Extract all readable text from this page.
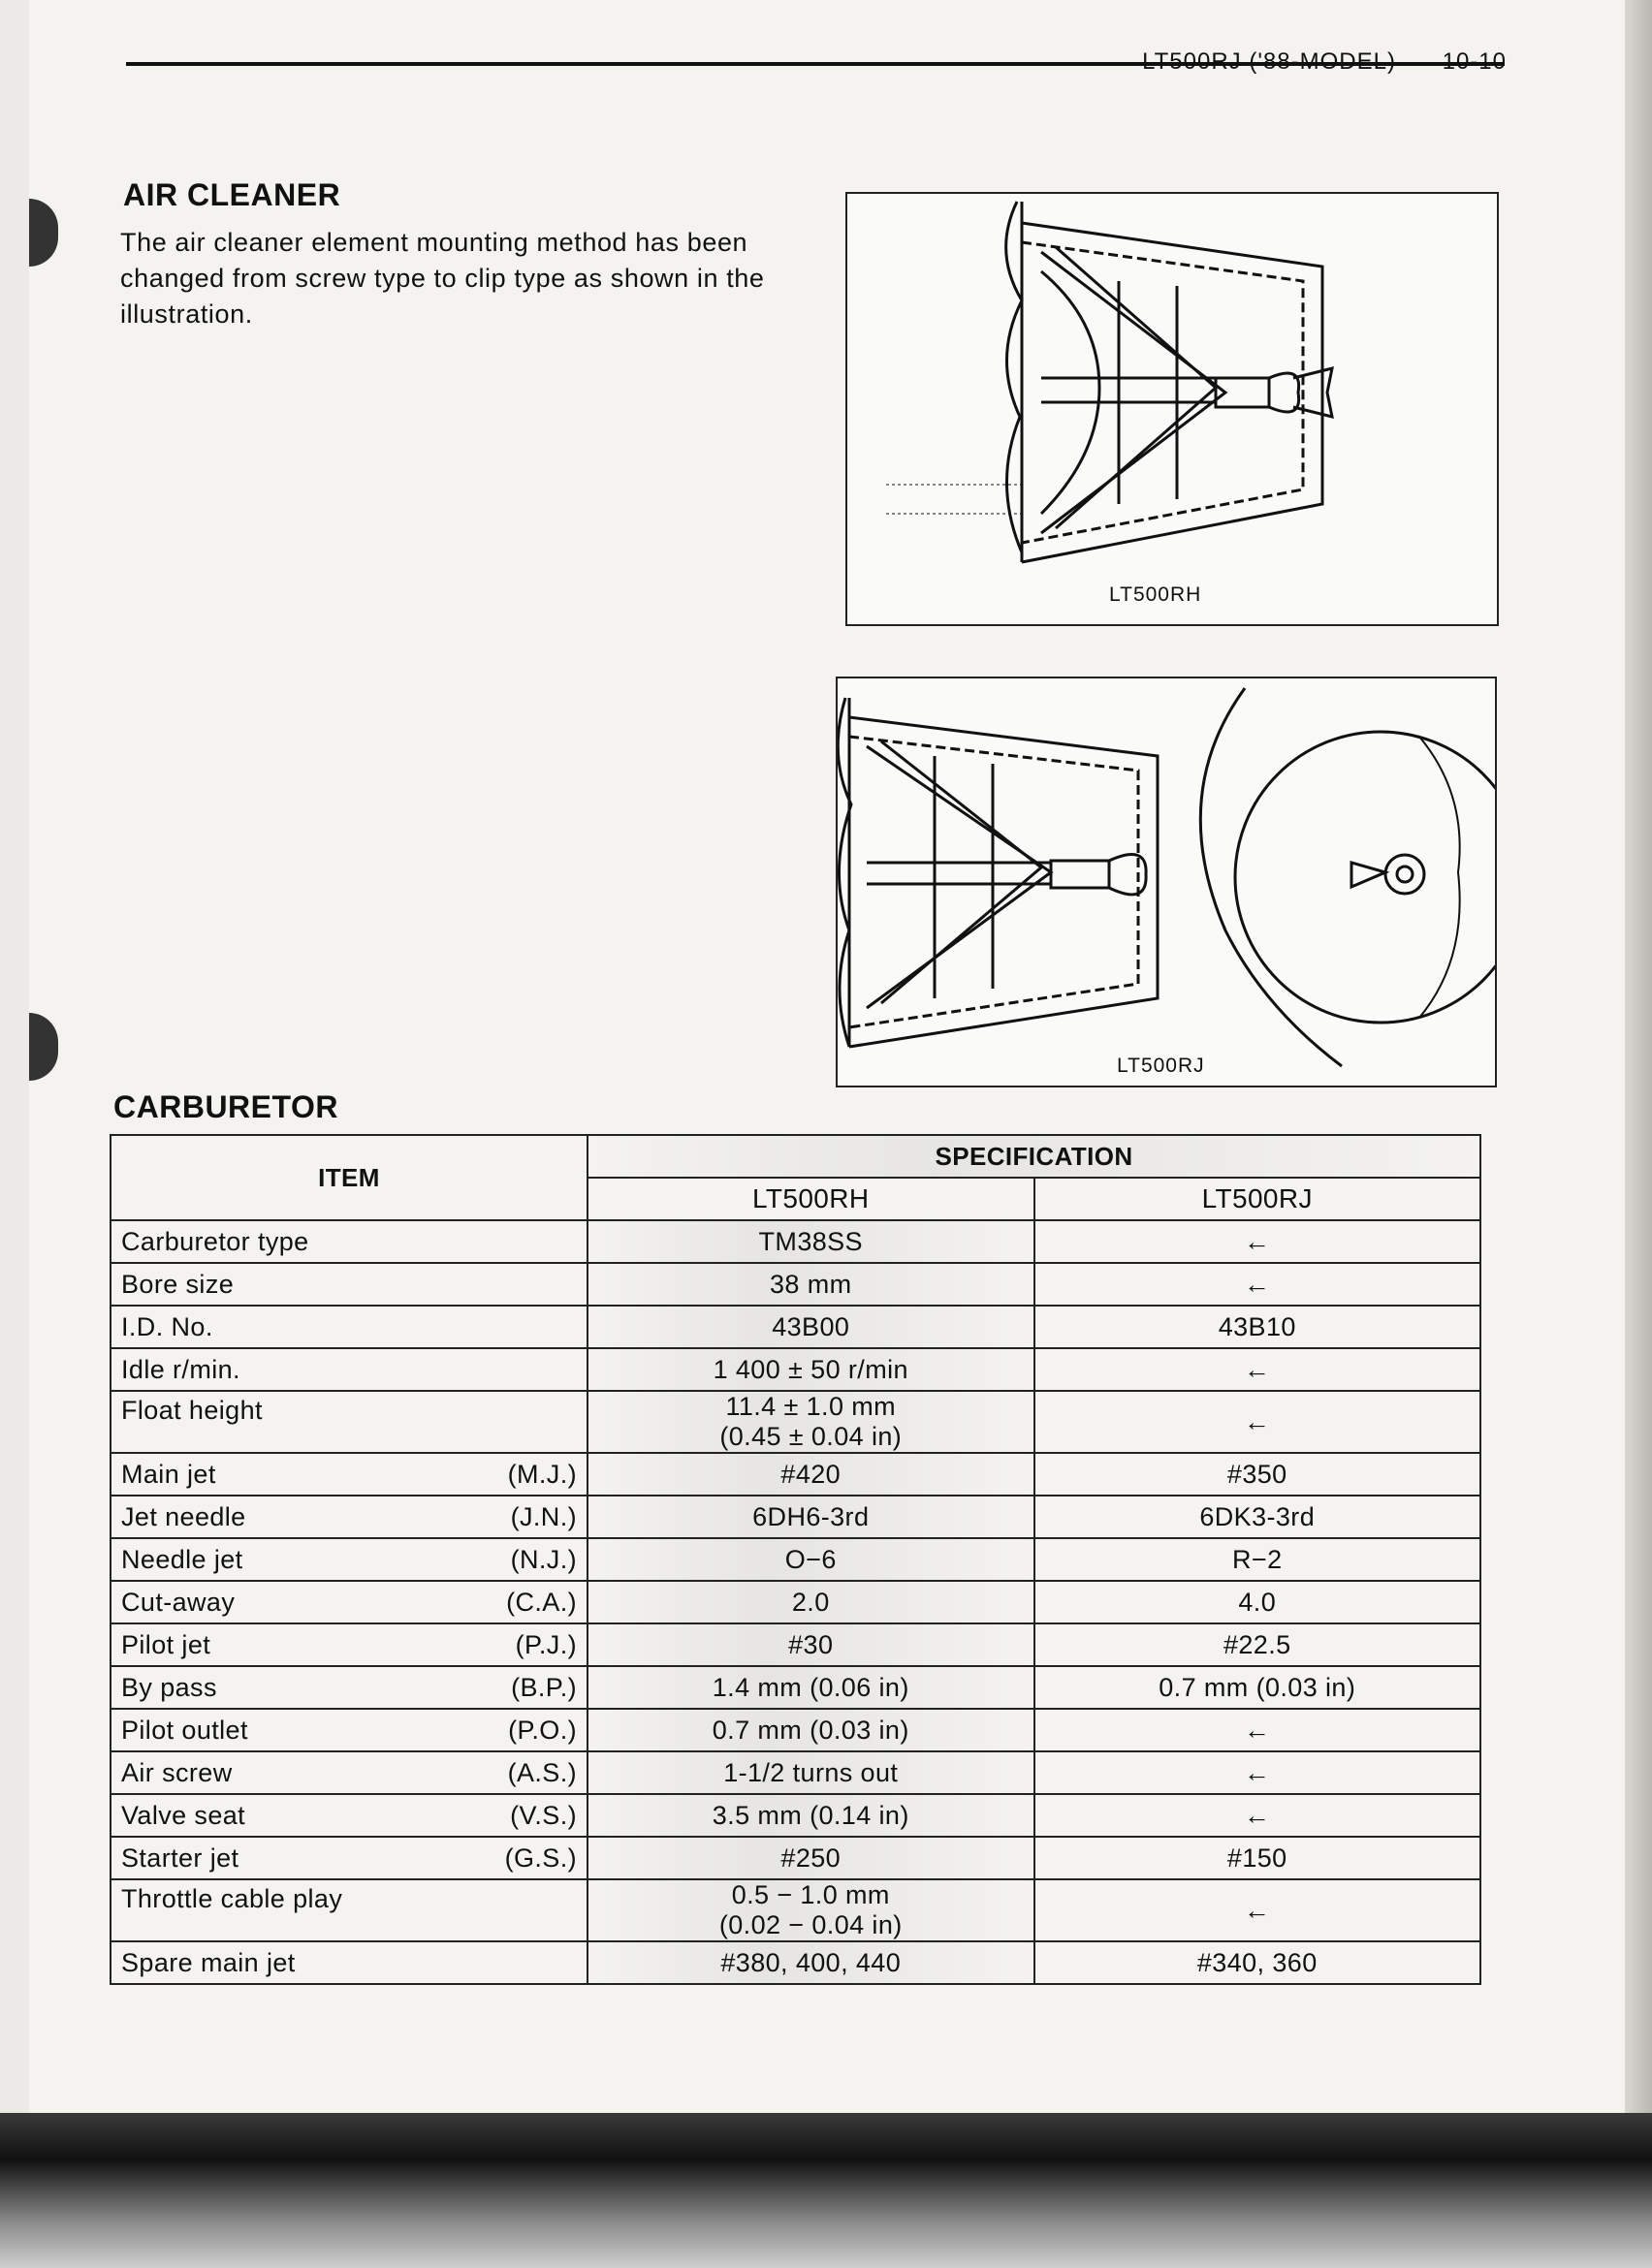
LT500RJ ('88-MODEL) 10-10
AIR CLEANER
The air cleaner element mounting method has been changed from screw type to clip type as shown in the illustration.
LT500RH
LT500RJ
CARBURETOR
ITEM	SPECIFICATION	
	LT500RH	LT500RJ

Carburetor type	TM38SS	←

Bore size	38 mm	←

I.D. No.	43B00	43B10

Idle r/min.	1 400 ± 50 r/min	←

Float height	11.4 ± 1.0 mm
(0.45 ± 0.04 in)	←

Main jet (M.J.)	#420	#350

Jet needle (J.N.)	6DH6-3rd	6DK3-3rd

Needle jet (N.J.)	O−6	R−2

Cut-away (C.A.)	2.0	4.0

Pilot jet (P.J.)	#30	#22.5

By pass (B.P.)	1.4 mm (0.06 in)	0.7 mm (0.03 in)

Pilot outlet (P.O.)	0.7 mm (0.03 in)	←

Air screw (A.S.)	1-1/2 turns out	←

Valve seat (V.S.)	3.5 mm (0.14 in)	←

Starter jet (G.S.)	#250	#150

Throttle cable play	0.5 − 1.0 mm
(0.02 − 0.04 in)	←

Spare main jet	#380, 400, 440	#340, 360
